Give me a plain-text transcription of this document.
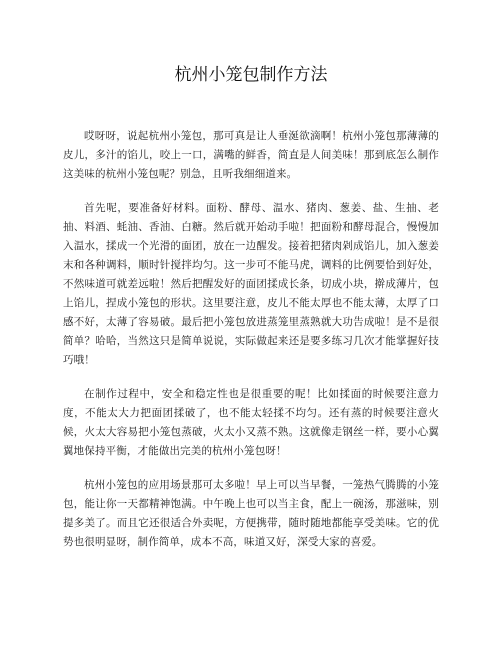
杭州小笼包制作方法

哎呀呀，说起杭州小笼包，那可真是让人垂涎欲滴啊！杭州小笼包那薄薄的皮儿，多汁的馅儿，咬上一口，满嘴的鲜香，简直是人间美味！那到底怎么制作这美味的杭州小笼包呢？别急，且听我细细道来。

首先呢，要准备好材料。面粉、酵母、温水、猪肉、葱姜、盐、生抽、老抽、料酒、蚝油、香油、白糖。然后就开始动手啦！把面粉和酵母混合，慢慢加入温水，揉成一个光滑的面团，放在一边醒发。接着把猪肉剁成馅儿，加入葱姜末和各种调料，顺时针搅拌均匀。这一步可不能马虎，调料的比例要恰到好处，不然味道可就差远啦！然后把醒发好的面团揉成长条，切成小块，擀成薄片，包上馅儿，捏成小笼包的形状。这里要注意，皮儿不能太厚也不能太薄，太厚了口感不好，太薄了容易破。最后把小笼包放进蒸笼里蒸熟就大功告成啦！是不是很简单？哈哈，当然这只是简单说说，实际做起来还是要多练习几次才能掌握好技巧哦！

在制作过程中，安全和稳定性也是很重要的呢！比如揉面的时候要注意力度，不能太大力把面团揉破了，也不能太轻揉不均匀。还有蒸的时候要注意火候，火太大容易把小笼包蒸破，火太小又蒸不熟。这就像走钢丝一样，要小心翼翼地保持平衡，才能做出完美的杭州小笼包呀！

杭州小笼包的应用场景那可太多啦！早上可以当早餐，一笼热气腾腾的小笼包，能让你一天都精神饱满。中午晚上也可以当主食，配上一碗汤，那滋味，别提多美了。而且它还很适合外卖呢，方便携带，随时随地都能享受美味。它的优势也很明显呀，制作简单，成本不高，味道又好，深受大家的喜爱。
